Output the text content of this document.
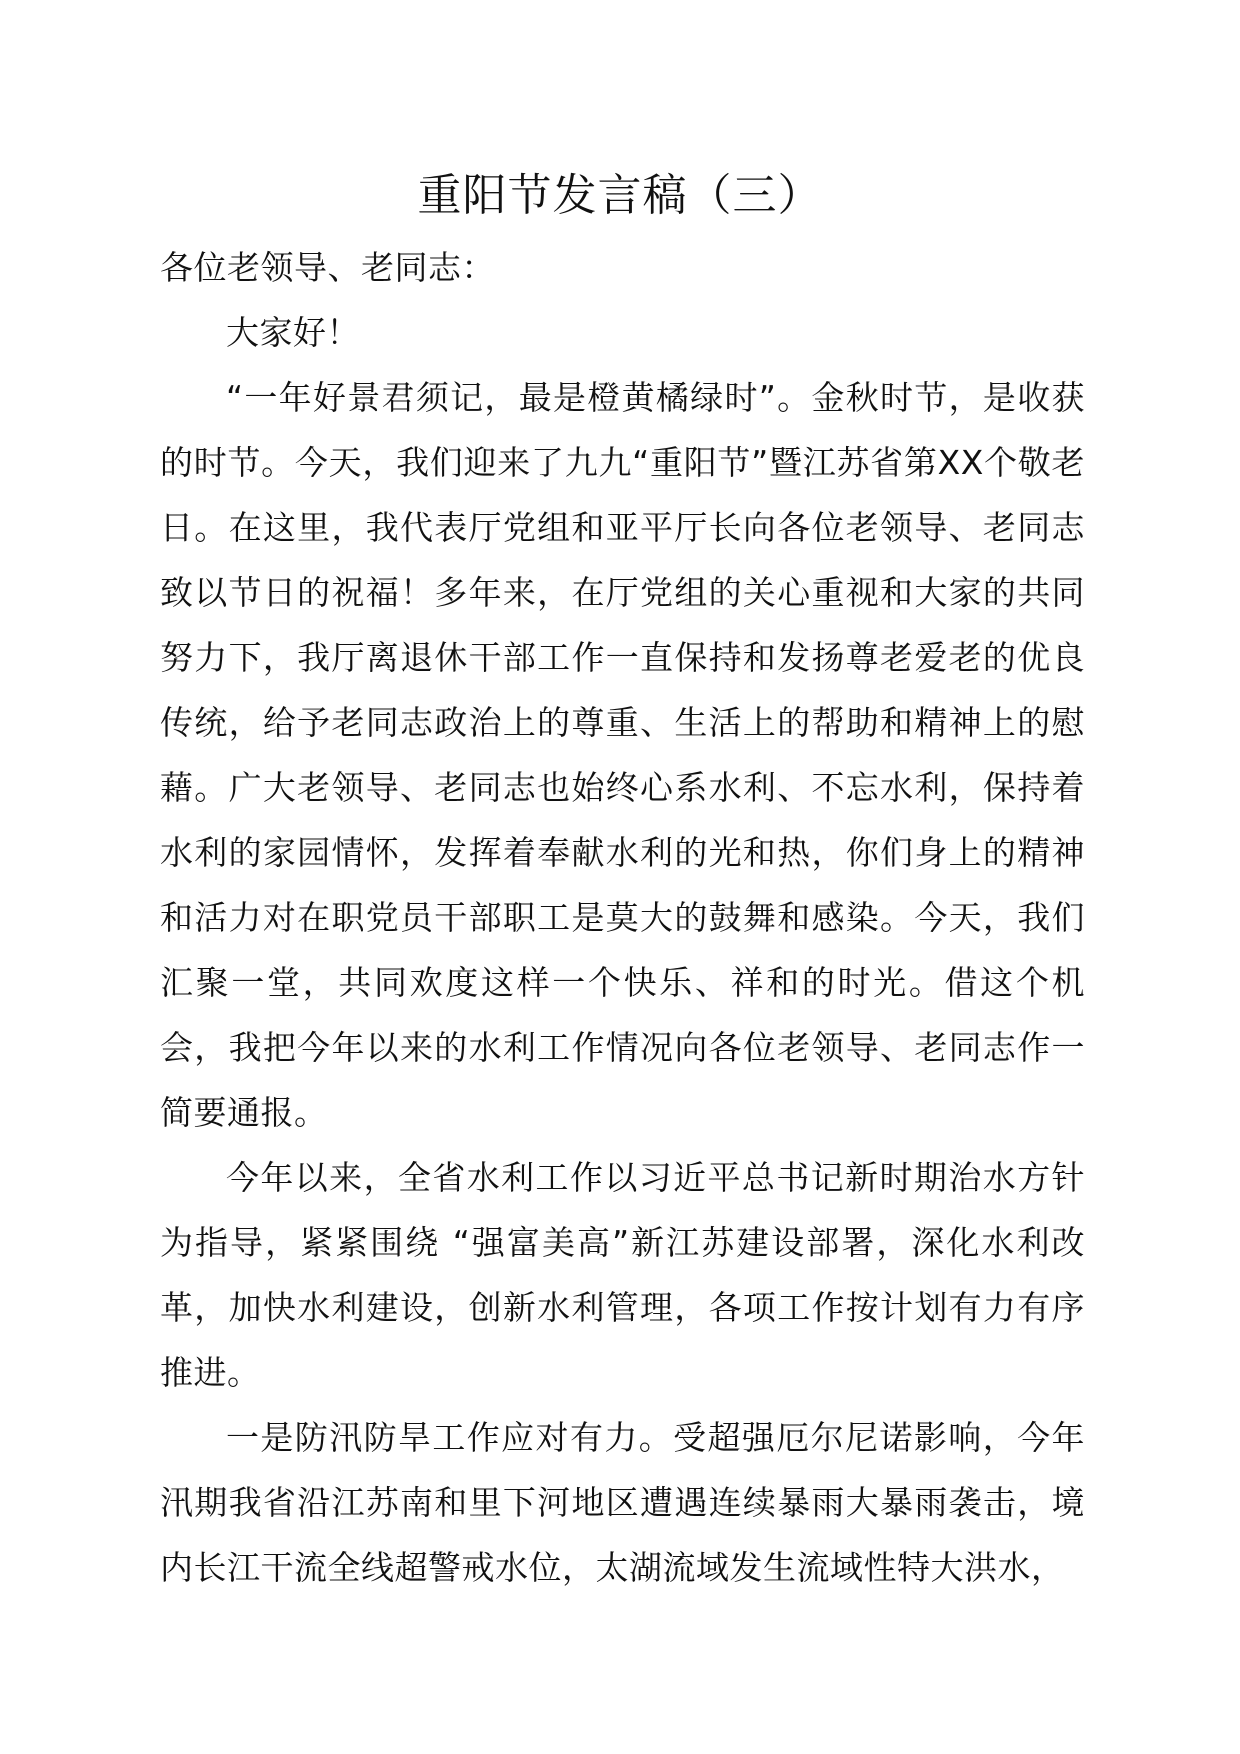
重阳节发言稿（三）

各位老领导、老同志：

大家好！

“一年好景君须记，最是橙黄橘绿时”。金秋时节，是收获的时节。今天，我们迎来了九九“重阳节”暨江苏省第XX个敬老日。在这里，我代表厅党组和亚平厅长向各位老领导、老同志致以节日的祝福！多年来，在厅党组的关心重视和大家的共同努力下，我厅离退休干部工作一直保持和发扬尊老爱老的优良传统，给予老同志政治上的尊重、生活上的帮助和精神上的慰藉。广大老领导、老同志也始终心系水利、不忘水利，保持着水利的家园情怀，发挥着奉献水利的光和热，你们身上的精神和活力对在职党员干部职工是莫大的鼓舞和感染。今天，我们汇聚一堂，共同欢度这样一个快乐、祥和的时光。借这个机会，我把今年以来的水利工作情况向各位老领导、老同志作一简要通报。

今年以来，全省水利工作以习近平总书记新时期治水方针为指导，紧紧围绕 “强富美高”新江苏建设部署，深化水利改革，加快水利建设，创新水利管理，各项工作按计划有力有序推进。

一是防汛防旱工作应对有力。受超强厄尔尼诺影响，今年汛期我省沿江苏南和里下河地区遭遇连续暴雨大暴雨袭击，境内长江干流全线超警戒水位，太湖流域发生流域性特大洪水，
